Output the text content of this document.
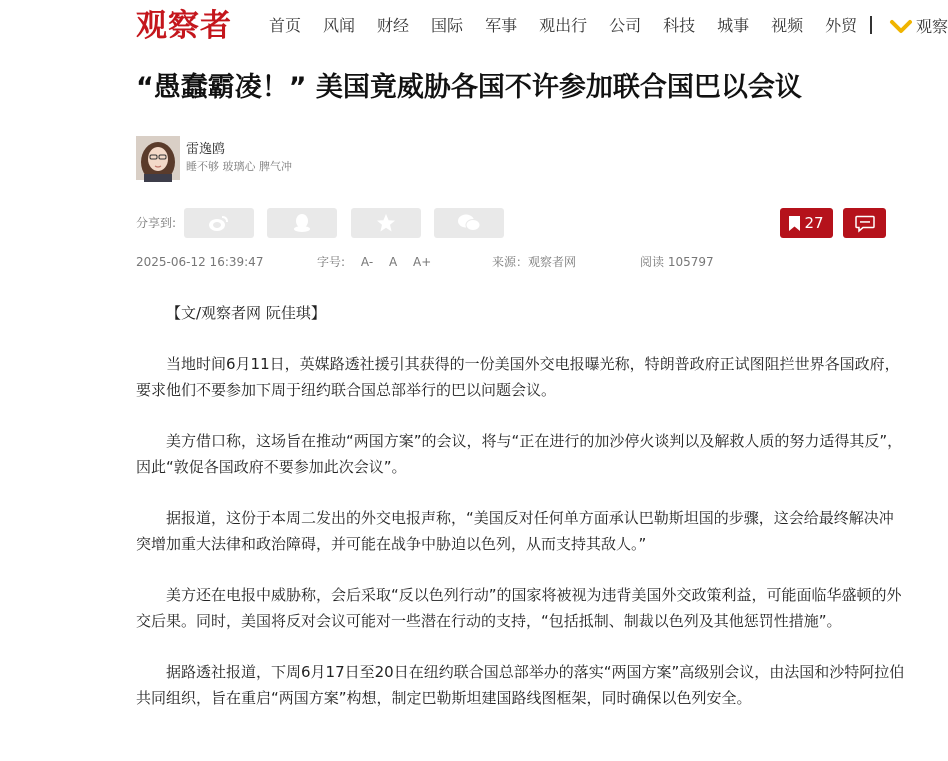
观察者 首页 风闻 财经 国际 军事 观出行 公司 科技 城事 视频 外贸	观察
“愚蠢霸凌！” 美国竟威胁各国不许参加联合国巴以会议
雷逸鸥
睡不够 玻璃心 脾气冲
分享到:	27
2025-06-12 16:39:47	字号: A- A A+	来源：观察者网	阅读 105797

【文/观察者网 阮佳琪】

当地时间6月11日，英媒路透社援引其获得的一份美国外交电报曝光称，特朗普政府正试图阻拦世界各国政府，要求他们不要参加下周于纽约联合国总部举行的巴以问题会议。

美方借口称，这场旨在推动“两国方案”的会议，将与“正在进行的加沙停火谈判以及解救人质的努力适得其反”，因此“敦促各国政府不要参加此次会议”。

据报道，这份于本周二发出的外交电报声称，“美国反对任何单方面承认巴勒斯坦国的步骤，这会给最终解决冲突增加重大法律和政治障碍，并可能在战争中胁迫以色列，从而支持其敌人。”

美方还在电报中威胁称，会后采取“反以色列行动”的国家将被视为违背美国外交政策利益，可能面临华盛顿的外交后果。同时，美国将反对会议可能对一些潜在行动的支持，“包括抵制、制裁以色列及其他惩罚性措施”。

据路透社报道，下周6月17日至20日在纽约联合国总部举办的落实“两国方案”高级别会议，由法国和沙特阿拉伯共同组织，旨在重启“两国方案”构想，制定巴勒斯坦建国路线图框架，同时确保以色列安全。
